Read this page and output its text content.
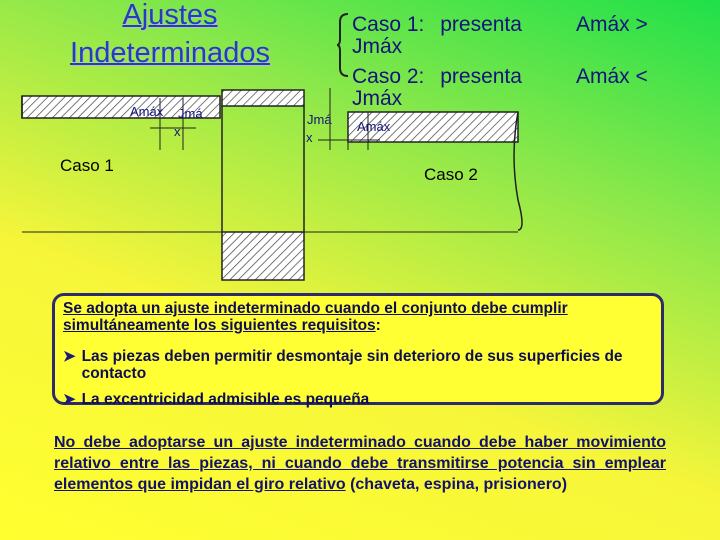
Ajustes
Indeterminados
Caso 1: presenta	Amáx >
Jmáx
Caso 2: presenta	Amáx <
Jmáx
Amáx Jmá
x
Jmá
x
Amáx
Caso 1	Caso 2
Se adopta un ajuste indeterminado cuando el conjunto debe cumplir simultáneamente los siguientes requisitos:
➤ Las piezas deben permitir desmontaje sin deterioro de sus superficies de contacto
➤ La excentricidad admisible es pequeña
No debe adoptarse un ajuste indeterminado cuando debe haber movimiento relativo entre las piezas, ni cuando debe transmitirse potencia sin emplear elementos que impidan el giro relativo (chaveta, espina, prisionero)
